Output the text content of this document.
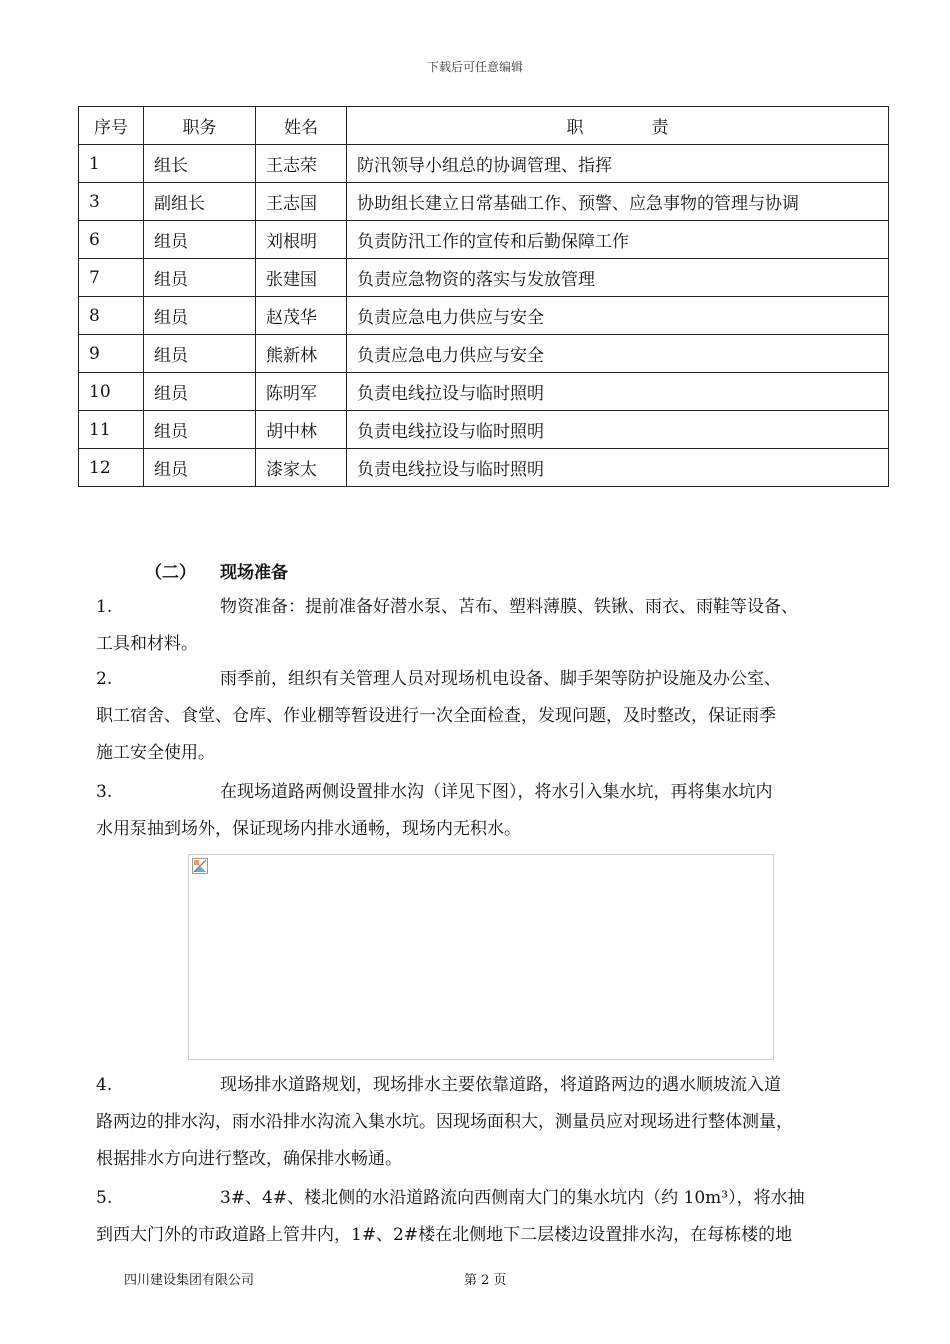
下载后可任意编辑
序号	职务	姓名	职　　　　责
1	组长	王志荣	防汛领导小组总的协调管理、指挥
3	副组长	王志国	协助组长建立日常基础工作、预警、应急事物的管理与协调
6	组员	刘根明	负责防汛工作的宣传和后勤保障工作
7	组员	张建国	负责应急物资的落实与发放管理
8	组员	赵茂华	负责应急电力供应与安全
9	组员	熊新林	负责应急电力供应与安全
10	组员	陈明军	负责电线拉设与临时照明
11	组员	胡中林	负责电线拉设与临时照明
12	组员	漆家太	负责电线拉设与临时照明
（二） 现场准备
1.	物资准备：提前准备好潜水泵、苫布、塑料薄膜、铁锹、雨衣、雨鞋等设备、
工具和材料。
2.	雨季前，组织有关管理人员对现场机电设备、脚手架等防护设施及办公室、
职工宿舍、食堂、仓库、作业棚等暂设进行一次全面检查，发现问题，及时整改，保证雨季
施工安全使用。
3.	在现场道路两侧设置排水沟（详见下图），将水引入集水坑，再将集水坑内
水用泵抽到场外，保证现场内排水通畅，现场内无积水。
4.	现场排水道路规划，现场排水主要依靠道路，将道路两边的遇水顺坡流入道
路两边的排水沟，雨水沿排水沟流入集水坑。因现场面积大，测量员应对现场进行整体测量，
根据排水方向进行整改，确保排水畅通。
5.	3#、4#、楼北侧的水沿道路流向西侧南大门的集水坑内（约 10m³），将水抽
到西大门外的市政道路上管井内，1#、2#楼在北侧地下二层楼边设置排水沟，在每栋楼的地
四川建设集团有限公司	第 2 页
